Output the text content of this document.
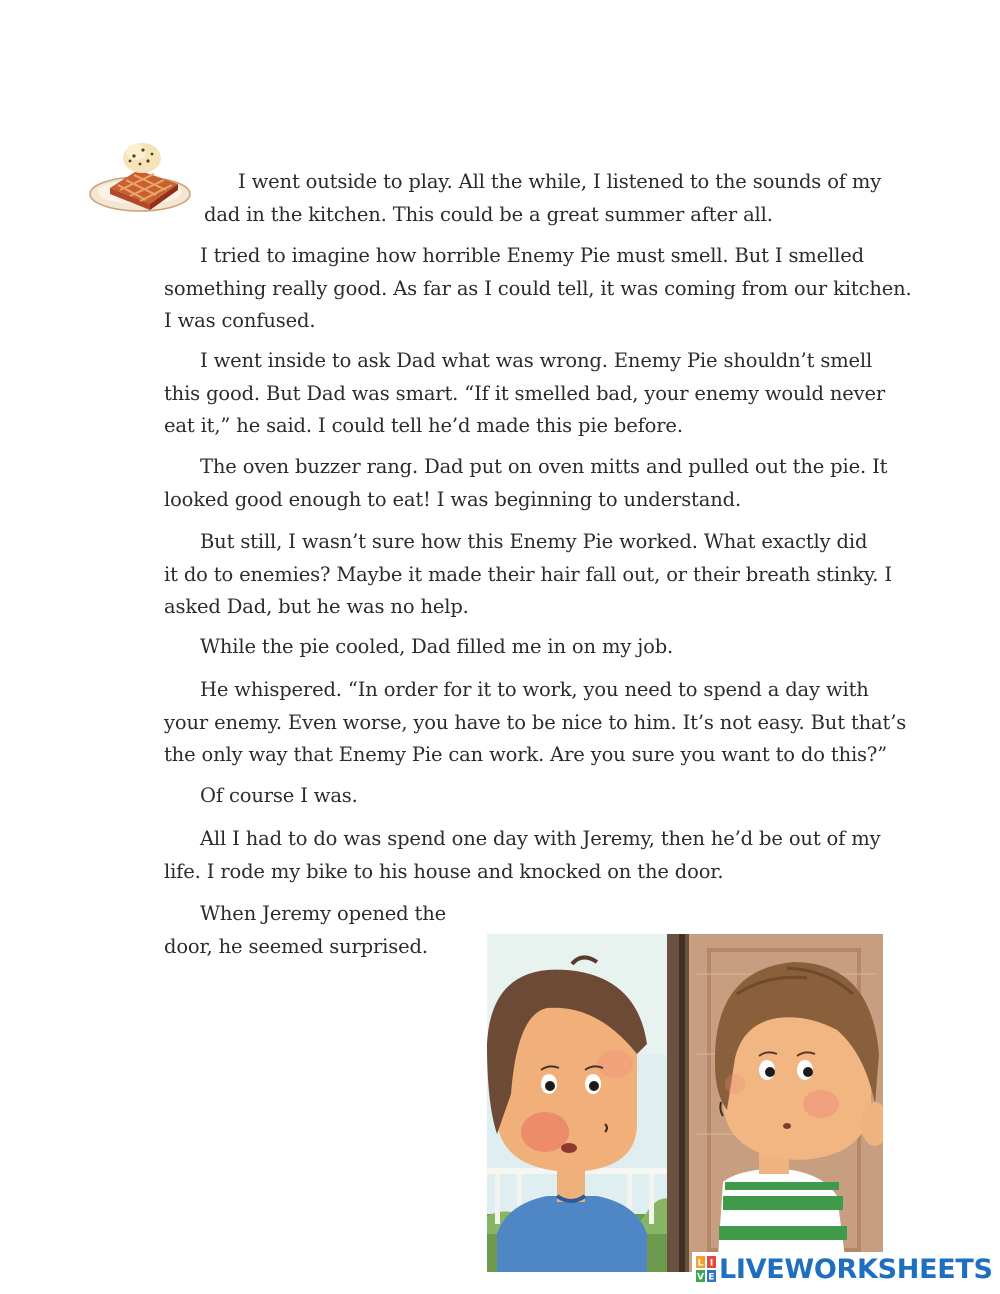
I went outside to play. All the while, I listened to the sounds of my
dad in the kitchen. This could be a great summer after all.
I tried to imagine how horrible Enemy Pie must smell. But I smelled
something really good. As far as I could tell, it was coming from our kitchen.
I was confused.
I went inside to ask Dad what was wrong. Enemy Pie shouldn’t smell
this good. But Dad was smart. “If it smelled bad, your enemy would never
eat it,” he said. I could tell he’d made this pie before.
The oven buzzer rang. Dad put on oven mitts and pulled out the pie. It
looked good enough to eat! I was beginning to understand.
But still, I wasn’t sure how this Enemy Pie worked. What exactly did
it do to enemies? Maybe it made their hair fall out, or their breath stinky. I
asked Dad, but he was no help.
While the pie cooled, Dad filled me in on my job.
He whispered. “In order for it to work, you need to spend a day with
your enemy. Even worse, you have to be nice to him. It’s not easy. But that’s
the only way that Enemy Pie can work. Are you sure you want to do this?”
Of course I was.
All I had to do was spend one day with Jeremy, then he’d be out of my
life. I rode my bike to his house and knocked on the door.
When Jeremy opened the
door, he seemed surprised.
L I
V E LIVEWORKSHEETS
